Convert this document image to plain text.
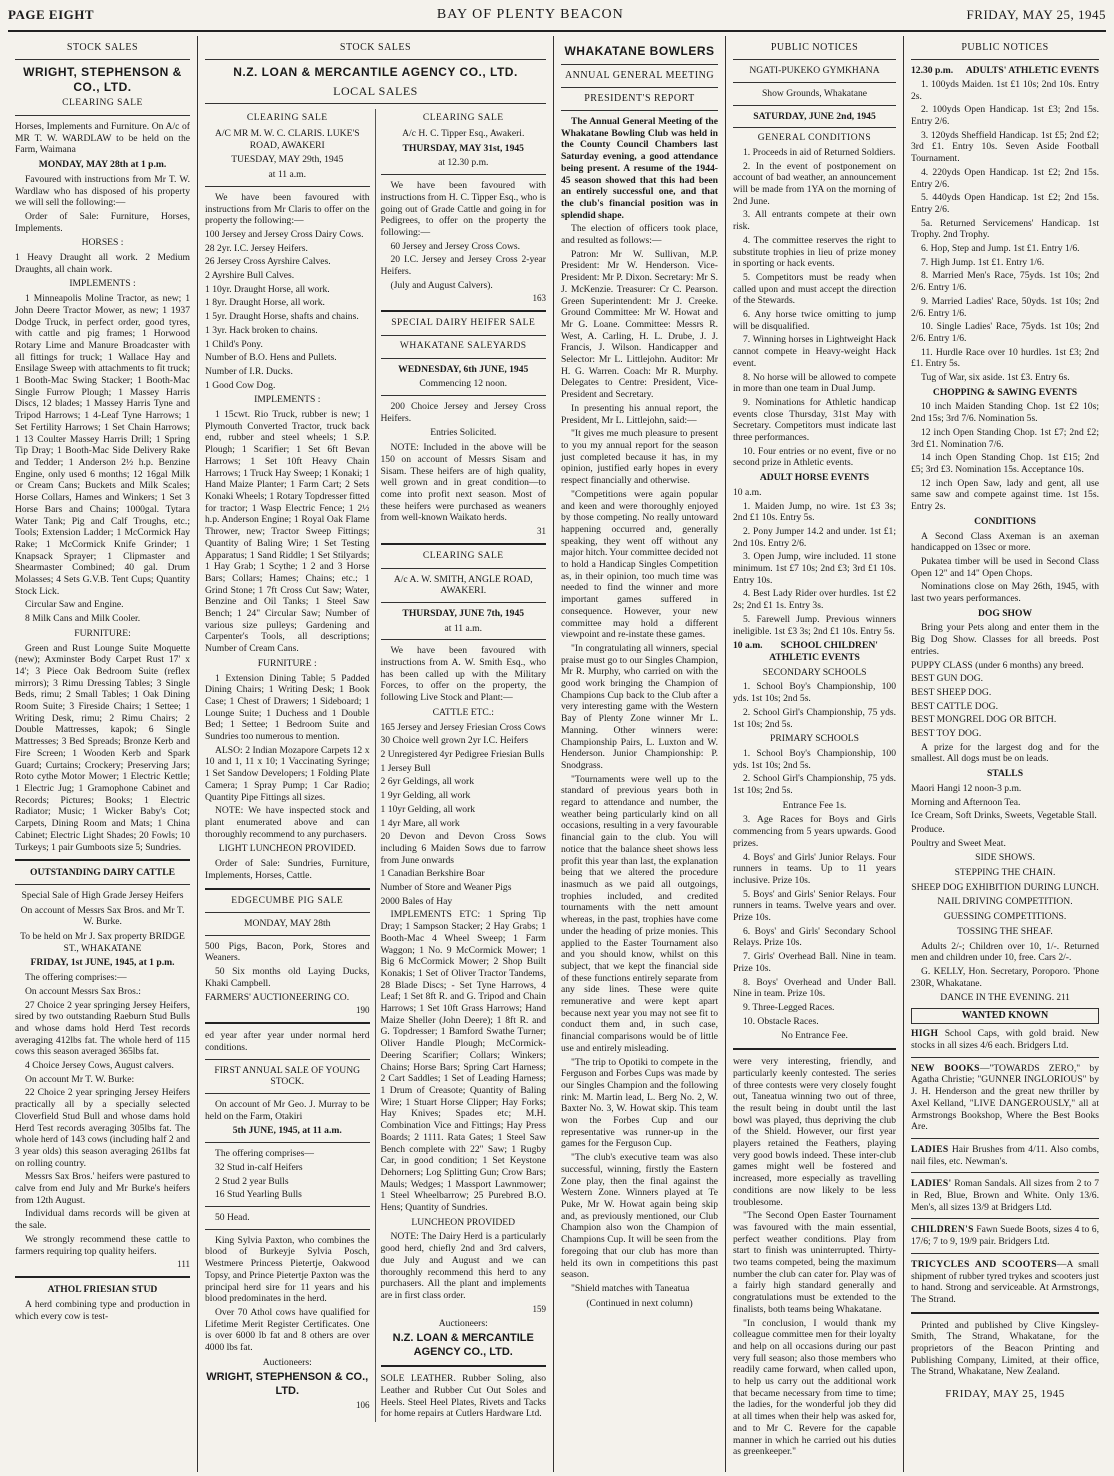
PAGE EIGHT	BAY OF PLENTY BEACON	FRIDAY, MAY 25, 1945
STOCK SALES
WRIGHT, STEPHENSON & CO., LTD.
CLEARING SALE

Horses, Implements and Furniture. On A/c of MR T. W. WARDLAW to be held on the Farm, Waimana

MONDAY, MAY 28th at 1 p.m.

Favoured with instructions from Mr T. W. Wardlaw who has disposed of his property we will sell the following:—

Order of Sale: Furniture, Horses, Implements.

HORSES :

1 Heavy Draught all work. 2 Medium Draughts, all chain work.

IMPLEMENTS :

1 Minneapolis Moline Tractor, as new; 1 John Deere Tractor Mower, as new; 1 1937 Dodge Truck, in perfect order, good tyres, with cattle and pig frames; 1 Horwood Rotary Lime and Manure Broadcaster with all fittings for truck; 1 Wallace Hay and Ensilage Sweep with attachments to fit truck; 1 Booth-Mac Swing Stacker; 1 Booth-Mac Single Furrow Plough; 1 Massey Harris Discs, 12 blades; 1 Massey Harris Tyne and Tripod Harrows; 1 4-Leaf Tyne Harrows; 1 Set Fertility Harrows; 1 Set Chain Harrows; 1 13 Coulter Massey Harris Drill; 1 Spring Tip Dray; 1 Booth-Mac Side Delivery Rake and Tedder; 1 Anderson 2½ h.p. Benzine Engine, only used 6 months; 12 16gal Milk or Cream Cans; Buckets and Milk Scales; Horse Collars, Hames and Winkers; 1 Set 3 Horse Bars and Chains; 1000gal. Tytara Water Tank; Pig and Calf Troughs, etc.; Tools; Extension Ladder; 1 McCormick Hay Rake; 1 McCormick Knife Grinder; 1 Knapsack Sprayer; 1 Clipmaster and Shearmaster Combined; 40 gal. Drum Molasses; 4 Sets G.V.B. Tent Cups; Quantity Stock Lick.

Circular Saw and Engine.

8 Milk Cans and Milk Cooler.

FURNITURE:

Green and Rust Lounge Suite Moquette (new); Axminster Body Carpet Rust 17' x 14'; 3 Piece Oak Bedroom Suite (reflex mirrors); 3 Rimu Dressing Tables; 3 Single Beds, rimu; 2 Small Tables; 1 Oak Dining Room Suite; 3 Fireside Chairs; 1 Settee; 1 Writing Desk, rimu; 2 Rimu Chairs; 2 Double Mattresses, kapok; 6 Single Mattresses; 3 Bed Spreads; Bronze Kerb and Fire Screen; 1 Wooden Kerb and Spark Guard; Curtains; Crockery; Preserving Jars; Roto cythe Motor Mower; 1 Electric Kettle; 1 Electric Jug; 1 Gramophone Cabinet and Records; Pictures; Books; 1 Electric Radiator; Music; 1 Wicker Baby's Cot; Carpets, Dining Room and Mats; 1 China Cabinet; Electric Light Shades; 20 Fowls; 10 Turkeys; 1 pair Gumboots size 5; Sundries.

OUTSTANDING DAIRY CATTLE
Special Sale of High Grade Jersey Heifers
On account of Messrs Sax Bros. and Mr T. W. Burke.
To be held on Mr J. Sax property BRIDGE ST., WHAKATANE
FRIDAY, 1st JUNE, 1945, at 1 p.m.

The offering comprises:—

On account Messrs Sax Bros.:

27 Choice 2 year springing Jersey Heifers, sired by two outstanding Raeburn Stud Bulls and whose dams hold Herd Test records averaging 412lbs fat. The whole herd of 115 cows this season averaged 365lbs fat.

4 Choice Jersey Cows, August calvers.

On account Mr T. W. Burke:

22 Choice 2 year springing Jersey Heifers practically all by a specially selected Cloverfield Stud Bull and whose dams hold Herd Test records averaging 305lbs fat. The whole herd of 143 cows (including half 2 and 3 year olds) this season averaging 261lbs fat on rolling country.

Messrs Sax Bros.' heifers were pastured to calve from end July and Mr Burke's heifers from 12th August.

Individual dams records will be given at the sale.

We strongly recommend these cattle to farmers requiring top quality heifers.

111
ATHOL FRIESIAN STUD

A herd combining type and production in which every cow is test-

STOCK SALES
N.Z. LOAN & MERCANTILE AGENCY CO., LTD.
LOCAL SALES
CLEARING SALE
A/C MR M. W. C. CLARIS. LUKE'S ROAD, AWAKERI
TUESDAY, MAY 29th, 1945
at 11 a.m.

We have been favoured with instructions from Mr Claris to offer on the property the following:—

100 Jersey and Jersey Cross Dairy Cows.

28 2yr. I.C. Jersey Heifers.

26 Jersey Cross Ayrshire Calves.

2 Ayrshire Bull Calves.

1 10yr. Draught Horse, all work.

1 8yr. Draught Horse, all work.

1 5yr. Draught Horse, shafts and chains.

1 3yr. Hack broken to chains.

1 Child's Pony.

Number of B.O. Hens and Pullets.

Number of I.R. Ducks.

1 Good Cow Dog.

IMPLEMENTS :

1 15cwt. Rio Truck, rubber is new; 1 Plymouth Converted Tractor, truck back end, rubber and steel wheels; 1 S.P. Plough; 1 Scarifier; 1 Set 6ft Bevan Harrows; 1 Set 10ft Heavy Chain Harrows; 1 Truck Hay Sweep; 1 Konaki; 1 Hand Maize Planter; 1 Farm Cart; 2 Sets Konaki Wheels; 1 Rotary Topdresser fitted for tractor; 1 Wasp Electric Fence; 1 2½ h.p. Anderson Engine; 1 Royal Oak Flame Thrower, new; Tractor Sweep Fittings; Quantity of Baling Wire; 1 Set Testing Apparatus; 1 Sand Riddle; 1 Set Stilyards; 1 Hay Grab; 1 Scythe; 1 2 and 3 Horse Bars; Collars; Hames; Chains; etc.; 1 Grind Stone; 1 7ft Cross Cut Saw; Water, Benzine and Oil Tanks; 1 Steel Saw Bench; 1 24" Circular Saw; Number of various size pulleys; Gardening and Carpenter's Tools, all descriptions; Number of Cream Cans.

FURNITURE :

1 Extension Dining Table; 5 Padded Dining Chairs; 1 Writing Desk; 1 Book Case; 1 Chest of Drawers; 1 Sideboard; 1 Lounge Suite; 1 Duchess and 1 Double Bed; 1 Settee; 1 Bedroom Suite and Sundries too numerous to mention.

ALSO: 2 Indian Mozapore Carpets 12 x 10 and 1, 11 x 10; 1 Vaccinating Syringe; 1 Set Sandow Developers; 1 Folding Plate Camera; 1 Spray Pump; 1 Car Radio; Quantity Pipe Fittings all sizes.

NOTE: We have inspected stock and plant enumerated above and can thoroughly recommend to any purchasers.

LIGHT LUNCHEON PROVIDED.

Order of Sale: Sundries, Furniture, Implements, Horses, Cattle.

EDGECUMBE PIG SALE
MONDAY, MAY 28th

500 Pigs, Bacon, Pork, Stores and Weaners.

50 Six months old Laying Ducks, Khaki Campbell.

FARMERS' AUCTIONEERING CO.

190

ed year after year under normal herd conditions.

FIRST ANNUAL SALE OF YOUNG STOCK.

On account of Mr Geo. J. Murray to be held on the Farm, Otakiri

5th JUNE, 1945, at 11 a.m.

The offering comprises—

32 Stud in-calf Heifers

2 Stud 2 year Bulls

16 Stud Yearling Bulls

50 Head.

King Sylvia Paxton, who combines the blood of Burkeyje Sylvia Posch, Westmere Princess Pietertje, Oakwood Topsy, and Prince Pietertje Paxton was the principal herd sire for 11 years and his blood predominates in the herd.

Over 70 Athol cows have qualified for Lifetime Merit Register Certificates. One is over 6000 lb fat and 8 others are over 4000 lbs fat.

Auctioneers:
WRIGHT, STEPHENSON & CO., LTD.
106
CLEARING SALE
A/c H. C. Tipper Esq., Awakeri.
THURSDAY, MAY 31st, 1945
at 12.30 p.m.

We have been favoured with instructions from H. C. Tipper Esq., who is going out of Grade Cattle and going in for Pedigrees, to offer on the property the following:—

60 Jersey and Jersey Cross Cows.

20 I.C. Jersey and Jersey Cross 2-year Heifers.

(July and August Calvers).

163
SPECIAL DAIRY HEIFER SALE
WHAKATANE SALEYARDS
WEDNESDAY, 6th JUNE, 1945
Commencing 12 noon.

200 Choice Jersey and Jersey Cross Heifers.

Entries Solicited.

NOTE: Included in the above will be 150 on account of Messrs Sisam and Sisam. These heifers are of high quality, well grown and in great condition—to come into profit next season. Most of these heifers were purchased as weaners from well-known Waikato herds.

31
CLEARING SALE
A/c A. W. SMITH, ANGLE ROAD, AWAKERI.
THURSDAY, JUNE 7th, 1945
at 11 a.m.

We have been favoured with instructions from A. W. Smith Esq., who has been called up with the Military Forces, to offer on the property, the following Live Stock and Plant:—

CATTLE ETC.:

165 Jersey and Jersey Friesian Cross Cows

30 Choice well grown 2yr I.C. Heifers

2 Unregistered 4yr Pedigree Friesian Bulls

1 Jersey Bull

2 6yr Geldings, all work

1 9yr Gelding, all work

1 10yr Gelding, all work

1 4yr Mare, all work

20 Devon and Devon Cross Sows including 6 Maiden Sows due to farrow from June onwards

1 Canadian Berkshire Boar

Number of Store and Weaner Pigs

2000 Bales of Hay

IMPLEMENTS ETC: 1 Spring Tip Dray; 1 Sampson Stacker; 2 Hay Grabs; 1 Booth-Mac 4 Wheel Sweep; 1 Farm Waggon; 1 No. 9 McCormick Mower; 1 Big 6 McCormick Mower; 2 Shop Built Konakis; 1 Set of Oliver Tractor Tandems, 28 Blade Discs; - Set Tyne Harrows, 4 Leaf; 1 Set 8ft R. and G. Tripod and Chain Harrows; 1 Set 10ft Grass Harrows; Hand Maize Sheller (John Deere); 1 8ft R. and G. Topdresser; 1 Bamford Swathe Turner; Oliver Handle Plough; McCormick-Deering Scarifier; Collars; Winkers; Chains; Horse Bars; Spring Cart Harness; 2 Cart Saddles; 1 Set of Leading Harness; 1 Drum of Creasote; Quantity of Baling Wire; 1 Stuart Horse Clipper; Hay Forks; Hay Knives; Spades etc; M.H. Combination Vice and Fittings; Hay Press Boards; 2 1111. Rata Gates; 1 Steel Saw Bench complete with 22" Saw; 1 Rugby Car, in good condition; 1 Set Keystone Dehorners; Log Splitting Gun; Crow Bars; Mauls; Wedges; 1 Massport Lawnmower; 1 Steel Wheelbarrow; 25 Purebred B.O. Hens; Quantity of Sundries.

LUNCHEON PROVIDED

NOTE: The Dairy Herd is a particularly good herd, chiefly 2nd and 3rd calvers, due July and August and we can thoroughly recommend this herd to any purchasers. All the plant and implements are in first class order.

159
Auctioneers:
N.Z. LOAN & MERCANTILE AGENCY CO., LTD.

SOLE LEATHER. Rubber Soling, also Leather and Rubber Cut Out Soles and Heels. Steel Heel Plates, Rivets and Tacks for home repairs at Cutlers Hardware Ltd.

WHAKATANE BOWLERS
ANNUAL GENERAL MEETING
PRESIDENT'S REPORT

The Annual General Meeting of the Whakatane Bowling Club was held in the County Council Chambers last Saturday evening, a good attendance being present. A resume of the 1944-45 season showed that this had been an entirely successful one, and that the club's financial position was in splendid shape.

The election of officers took place, and resulted as follows:—

Patron: Mr W. Sullivan, M.P. President: Mr W. Henderson. Vice-President: Mr P. Dixon. Secretary: Mr S. J. McKenzie. Treasurer: Cr C. Pearson. Green Superintendent: Mr J. Creeke. Ground Committee: Mr W. Howat and Mr G. Loane. Committee: Messrs R. West, A. Carling, H. L. Drube, J. J. Francis, J. Wilson. Handicapper and Selector: Mr L. Littlejohn. Auditor: Mr H. G. Warren. Coach: Mr R. Murphy. Delegates to Centre: President, Vice-President and Secretary.

In presenting his annual report, the President, Mr L. Littlejohn, said:—

"It gives me much pleasure to present to you my annual report for the season just completed because it has, in my opinion, justified early hopes in every respect financially and otherwise.

"Competitions were again popular and keen and were thoroughly enjoyed by those competing. No really untoward happening occurred and, generally speaking, they went off without any major hitch. Your committee decided not to hold a Handicap Singles Competition as, in their opinion, too much time was needed to find the winner and more important games suffered in consequence. However, your new committee may hold a different viewpoint and re-instate these games.

"In congratulating all winners, special praise must go to our Singles Champion, Mr R. Murphy, who carried on with the good work bringing the Champion of Champions Cup back to the Club after a very interesting game with the Western Bay of Plenty Zone winner Mr L. Manning. Other winners were: Championship Pairs, L. Luxton and W. Henderson. Junior Championship: P. Snodgrass.

"Tournaments were well up to the standard of previous years both in regard to attendance and number, the weather being particularly kind on all occasions, resulting in a very favourable financial gain to the club. You will notice that the balance sheet shows less profit this year than last, the explanation being that we altered the procedure inasmuch as we paid all outgoings, trophies included, and credited tournaments with the nett amount whereas, in the past, trophies have come under the heading of prize monies. This applied to the Easter Tournament also and you should know, whilst on this subject, that we kept the financial side of these functions entirely separate from any side lines. These were quite remunerative and were kept apart because next year you may not see fit to conduct them and, in such case, financial comparisons would be of little use and entirely misleading.

"The trip to Opotiki to compete in the Ferguson and Forbes Cups was made by our Singles Champion and the following rink: M. Martin lead, L. Berg No. 2, W. Baxter No. 3, W. Howat skip. This team won the Forbes Cup and our representative was runner-up in the games for the Ferguson Cup.

"The club's executive team was also successful, winning, firstly the Eastern Zone play, then the final against the Western Zone. Winners played at Te Puke, Mr W. Howat again being skip and, as previously mentioned, our Club Champion also won the Champion of Champions Cup. It will be seen from the foregoing that our club has more than held its own in competitions this past season.

"Shield matches with Taneatua

(Continued in next column)
PUBLIC NOTICES
NGATI-PUKEKO GYMKHANA
Show Grounds, Whakatane
SATURDAY, JUNE 2nd, 1945
GENERAL CONDITIONS

1. Proceeds in aid of Returned Soldiers.

2. In the event of postponement on account of bad weather, an announcement will be made from 1YA on the morning of 2nd June.

3. All entrants compete at their own risk.

4. The committee reserves the right to substitute trophies in lieu of prize money in sporting or hack events.

5. Competitors must be ready when called upon and must accept the direction of the Stewards.

6. Any horse twice omitting to jump will be disqualified.

7. Winning horses in Lightweight Hack cannot compete in Heavy-weight Hack event.

8. No horse will be allowed to compete in more than one team in Dual Jump.

9. Nominations for Athletic handicap events close Thursday, 31st May with Secretary. Competitors must indicate last three performances.

10. Four entries or no event, five or no second prize in Athletic events.

ADULT HORSE EVENTS

10 a.m.

1. Maiden Jump, no wire. 1st £3 3s; 2nd £1 10s. Entry 5s.

2. Pony Jumper 14.2 and under. 1st £1; 2nd 10s. Entry 2/6.

3. Open Jump, wire included. 11 stone minimum. 1st £7 10s; 2nd £3; 3rd £1 10s. Entry 10s.

4. Best Lady Rider over hurdles. 1st £2 2s; 2nd £1 1s. Entry 3s.

5. Farewell Jump. Previous winners ineligible. 1st £3 3s; 2nd £1 10s. Entry 5s.

10 a.m. SCHOOL CHILDREN'
ATHLETIC EVENTS
SECONDARY SCHOOLS

1. School Boy's Championship, 100 yds. 1st 10s; 2nd 5s.

2. School Girl's Championship, 75 yds. 1st 10s; 2nd 5s.

PRIMARY SCHOOLS

1. School Boy's Championship, 100 yds. 1st 10s; 2nd 5s.

2. School Girl's Championship, 75 yds. 1st 10s; 2nd 5s.

Entrance Fee 1s.

3. Age Races for Boys and Girls commencing from 5 years upwards. Good prizes.

4. Boys' and Girls' Junior Relays. Four runners in teams. Up to 11 years inclusive. Prize 10s.

5. Boys' and Girls' Senior Relays. Four runners in teams. Twelve years and over. Prize 10s.

6. Boys' and Girls' Secondary School Relays. Prize 10s.

7. Girls' Overhead Ball. Nine in team. Prize 10s.

8. Boys' Overhead and Under Ball. Nine in team. Prize 10s.

9. Three-Legged Races.

10. Obstacle Races.

No Entrance Fee.

were very interesting, friendly, and particularly keenly contested. The series of three contests were very closely fought out, Taneatua winning two out of three, the result being in doubt until the last bowl was played, thus depriving the club of the Shield. However, our first year players retained the Feathers, playing very good bowls indeed. These inter-club games might well be fostered and increased, more especially as travelling conditions are now likely to be less troublesome.

"The Second Open Easter Tournament was favoured with the main essential, perfect weather conditions. Play from start to finish was uninterrupted. Thirty-two teams competed, being the maximum number the club can cater for. Play was of a fairly high standard generally and congratulations must be extended to the finalists, both teams being Whakatane.

"In conclusion, I would thank my colleague committee men for their loyalty and help on all occasions during our past very full season; also those members who readily came forward, when called upon, to help us carry out the additional work that became necessary from time to time; the ladies, for the wonderful job they did at all times when their help was asked for, and to Mr C. Revere for the capable manner in which he carried out his duties as greenkeeper."

PUBLIC NOTICES
12.30 p.m. ADULTS' ATHLETIC EVENTS

1. 100yds Maiden. 1st £1 10s; 2nd 10s. Entry 2s.

2. 100yds Open Handicap. 1st £3; 2nd 15s. Entry 2/6.

3. 120yds Sheffield Handicap. 1st £5; 2nd £2; 3rd £1. Entry 10s. Seven Aside Football Tournament.

4. 220yds Open Handicap. 1st £2; 2nd 15s. Entry 2/6.

5. 440yds Open Handicap. 1st £2; 2nd 15s. Entry 2/6.

5a. Returned Servicemens' Handicap. 1st Trophy. 2nd Trophy.

6. Hop, Step and Jump. 1st £1. Entry 1/6.

7. High Jump. 1st £1. Entry 1/6.

8. Married Men's Race, 75yds. 1st 10s; 2nd 2/6. Entry 1/6.

9. Married Ladies' Race, 50yds. 1st 10s; 2nd 2/6. Entry 1/6.

10. Single Ladies' Race, 75yds. 1st 10s; 2nd 2/6. Entry 1/6.

11. Hurdle Race over 10 hurdles. 1st £3; 2nd £1. Entry 5s.

Tug of War, six aside. 1st £3. Entry 6s.

CHOPPING & SAWING EVENTS

10 inch Maiden Standing Chop. 1st £2 10s; 2nd 15s; 3rd 7/6. Nomination 5s.

12 inch Open Standing Chop. 1st £7; 2nd £2; 3rd £1. Nomination 7/6.

14 inch Open Standing Chop. 1st £15; 2nd £5; 3rd £3. Nomination 15s. Acceptance 10s.

12 inch Open Saw, lady and gent, all use same saw and compete against time. 1st 15s. Entry 2s.

CONDITIONS

A Second Class Axeman is an axeman handicapped on 13sec or more.

Pukatea timber will be used in Second Class Open 12" and 14" Open Chops.

Nominations close on May 26th, 1945, with last two years performances.

DOG SHOW

Bring your Pets along and enter them in the Big Dog Show. Classes for all breeds. Post entries.

PUPPY CLASS (under 6 months) any breed.

BEST GUN DOG.

BEST SHEEP DOG.

BEST CATTLE DOG.

BEST MONGREL DOG OR BITCH.

BEST TOY DOG.

A prize for the largest dog and for the smallest. All dogs must be on leads.

STALLS

Maori Hangi 12 noon-3 p.m.

Morning and Afternoon Tea.

Ice Cream, Soft Drinks, Sweets, Vegetable Stall.

Produce.

Poultry and Sweet Meat.

SIDE SHOWS.
STEPPING THE CHAIN.
SHEEP DOG EXHIBITION DURING LUNCH.
NAIL DRIVING COMPETITION.
GUESSING COMPETITIONS.
TOSSING THE SHEAF.

Adults 2/-; Children over 10, 1/-. Returned men and children under 10, free. Cars 2/-.

G. KELLY, Hon. Secretary, Poroporo. 'Phone 230R, Whakatane.

DANCE IN THE EVENING. 211
WANTED KNOWN

HIGH School Caps, with gold braid. New stocks in all sizes 4/6 each. Bridgers Ltd.

NEW BOOKS—"TOWARDS ZERO," by Agatha Christie; "GUNNER INGLORIOUS" by J. H. Henderson and the great new thriller by Axel Kelland, "LIVE DANGEROUSLY," all at Armstrongs Bookshop, Where the Best Books Are.

LADIES Hair Brushes from 4/11. Also combs, nail files, etc. Newman's.

LADIES' Roman Sandals. All sizes from 2 to 7 in Red, Blue, Brown and White. Only 13/6. Men's, all sizes 13/9 at Bridgers Ltd.

CHILDREN'S Fawn Suede Boots, sizes 4 to 6, 17/6; 7 to 9, 19/9 pair. Bridgers Ltd.

TRICYCLES AND SCOOTERS—A small shipment of rubber tyred trykes and scooters just to hand. Strong and serviceable. At Armstrongs, The Strand.

Printed and published by Clive Kingsley-Smith, The Strand, Whakatane, for the proprietors of the Beacon Printing and Publishing Company, Limited, at their office, The Strand, Whakatane, New Zealand.

FRIDAY, MAY 25, 1945
